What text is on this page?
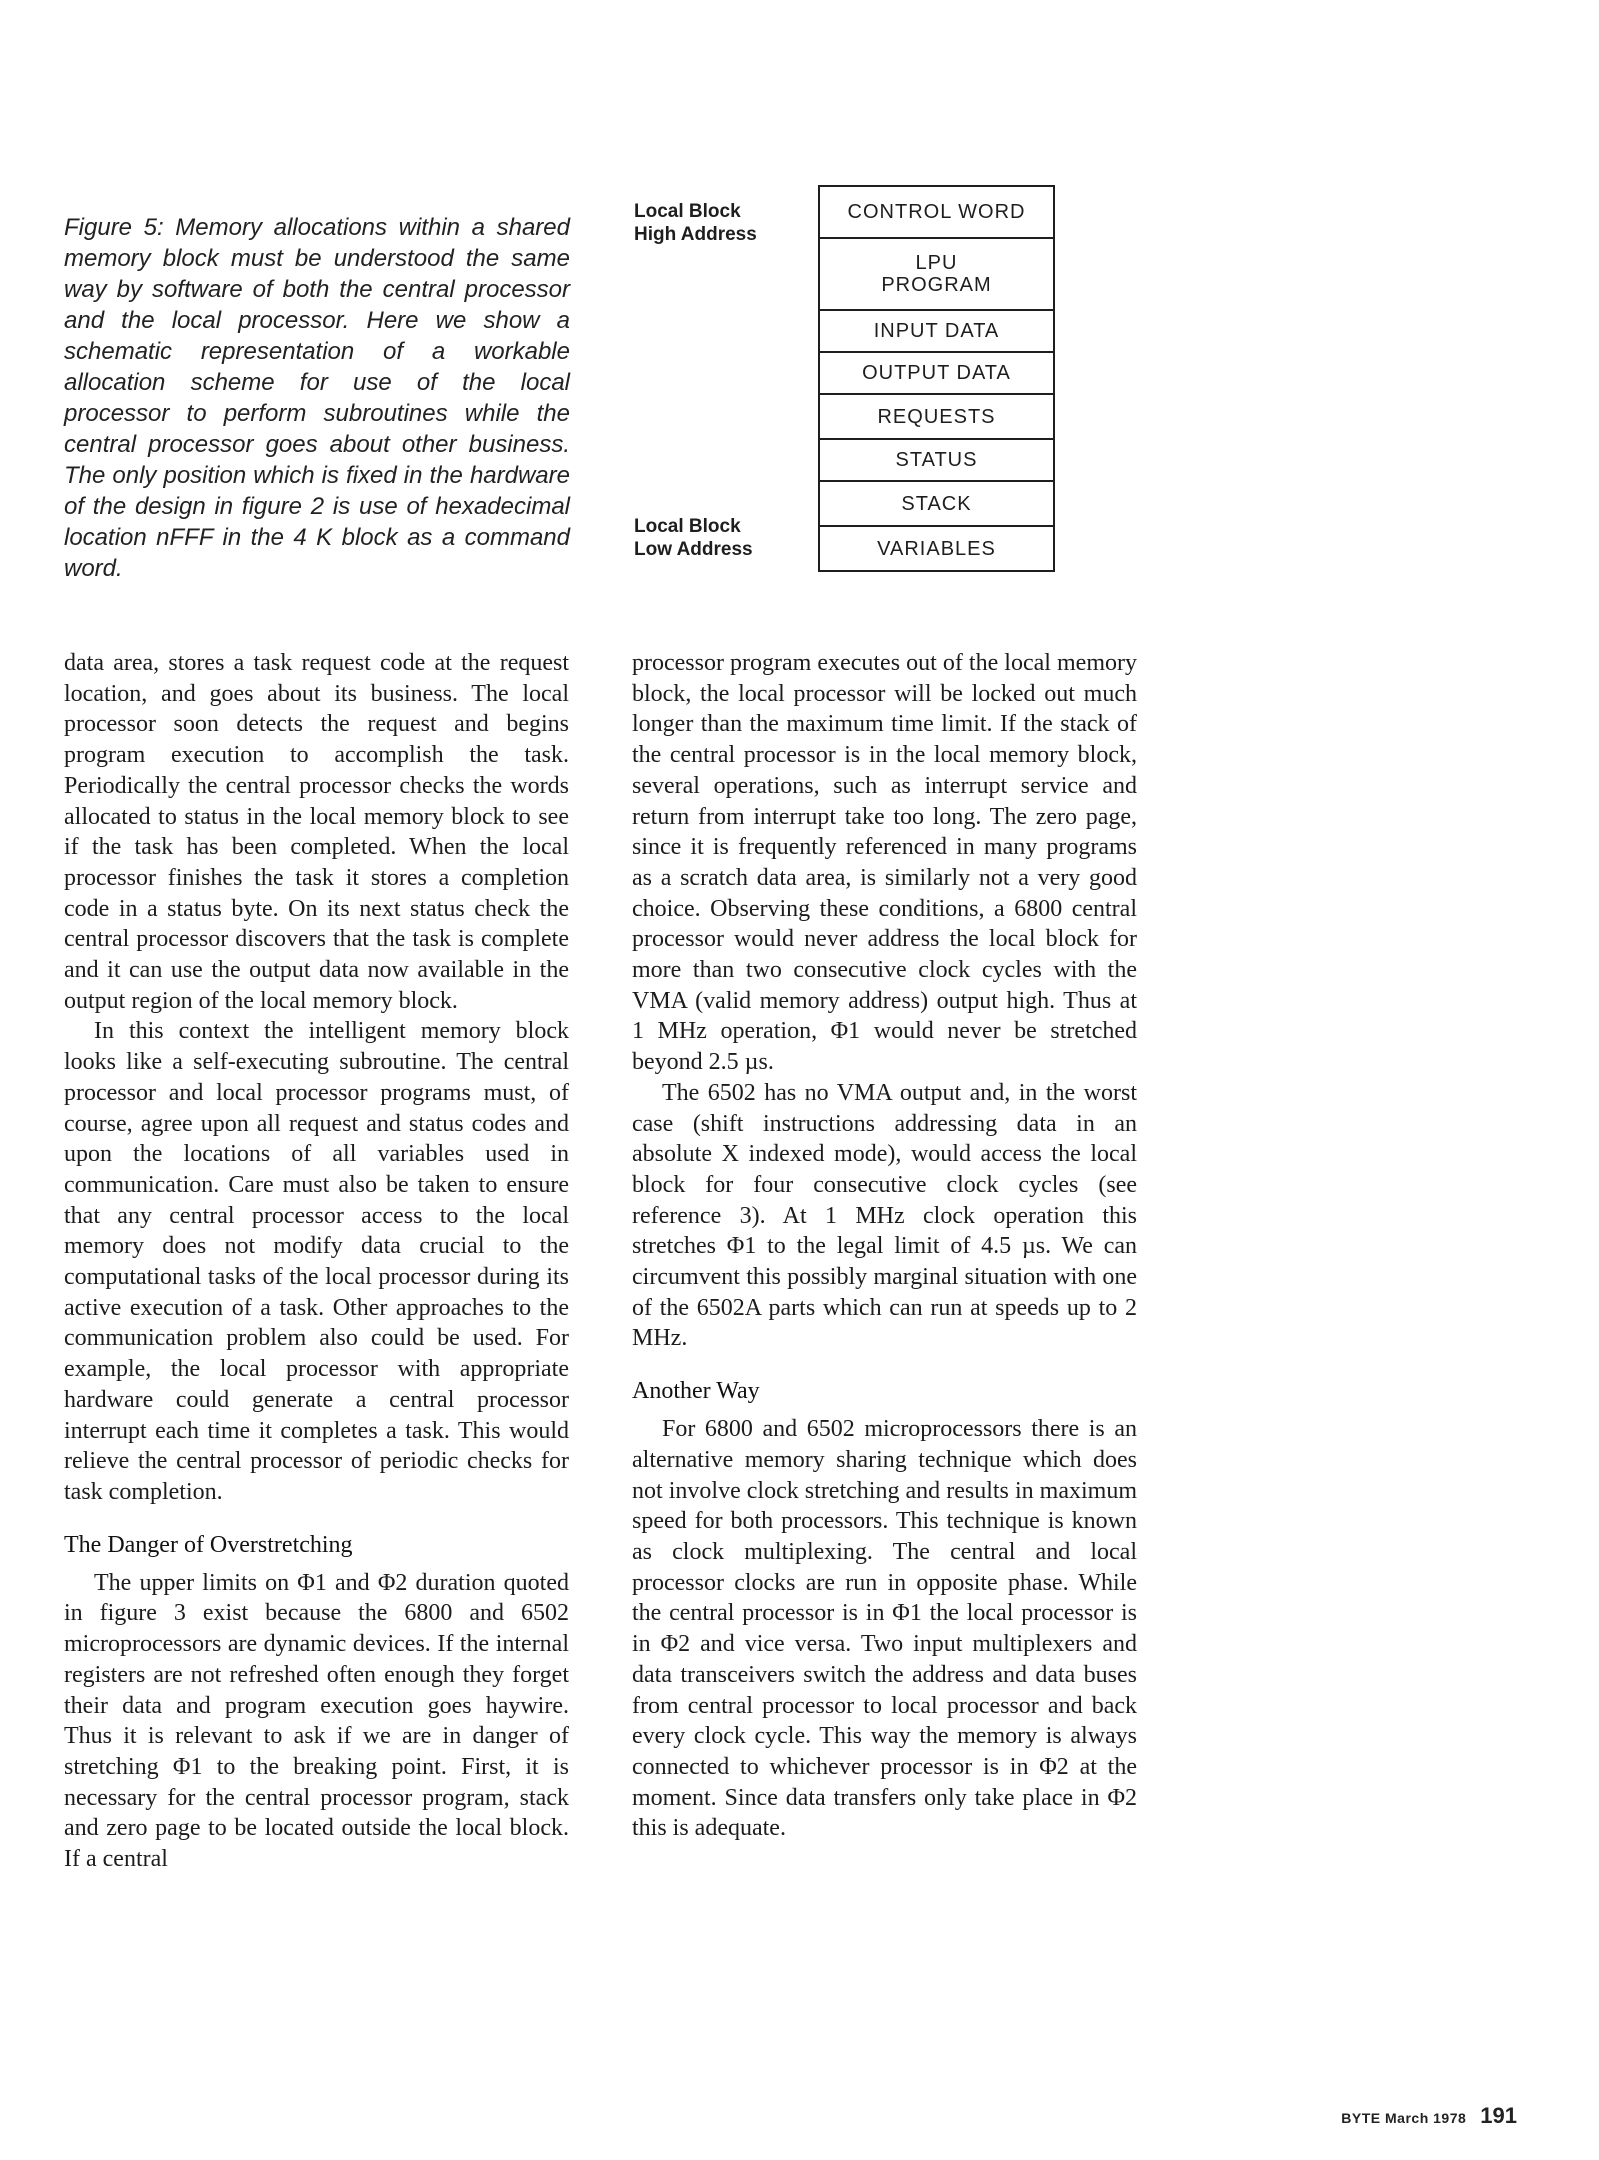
Figure 5: Memory allocations within a shared memory block must be understood the same way by software of both the central processor and the local processor. Here we show a schematic representation of a workable allocation scheme for use of the local processor to perform subroutines while the central processor goes about other business. The only position which is fixed in the hardware of the design in figure 2 is use of hexadecimal location nFFF in the 4 K block as a command word.

Local Block
High Address
Local Block
Low Address
CONTROL WORD
LPU
PROGRAM
INPUT DATA
OUTPUT DATA
REQUESTS
STATUS
STACK
VARIABLES

data area, stores a task request code at the request location, and goes about its business. The local processor soon detects the request and begins program execution to accomplish the task. Periodically the central processor checks the words allocated to status in the local memory block to see if the task has been completed. When the local processor finishes the task it stores a completion code in a status byte. On its next status check the central processor discovers that the task is complete and it can use the output data now available in the output region of the local memory block.

In this context the intelligent memory block looks like a self-executing subroutine. The central processor and local processor programs must, of course, agree upon all request and status codes and upon the locations of all variables used in communication. Care must also be taken to ensure that any central processor access to the local memory does not modify data crucial to the computational tasks of the local processor during its active execution of a task. Other approaches to the communication problem also could be used. For example, the local processor with appropriate hardware could generate a central processor interrupt each time it completes a task. This would relieve the central processor of periodic checks for task completion.

The Danger of Overstretching

The upper limits on Φ1 and Φ2 duration quoted in figure 3 exist because the 6800 and 6502 microprocessors are dynamic devices. If the internal registers are not refreshed often enough they forget their data and program execution goes haywire. Thus it is relevant to ask if we are in danger of stretching Φ1 to the breaking point. First, it is necessary for the central processor program, stack and zero page to be located outside the local block. If a central

processor program executes out of the local memory block, the local processor will be locked out much longer than the maximum time limit. If the stack of the central processor is in the local memory block, several operations, such as interrupt service and return from interrupt take too long. The zero page, since it is frequently referenced in many programs as a scratch data area, is similarly not a very good choice. Observing these conditions, a 6800 central processor would never address the local block for more than two consecutive clock cycles with the VMA (valid memory address) output high. Thus at 1 MHz operation, Φ1 would never be stretched beyond 2.5 µs.

The 6502 has no VMA output and, in the worst case (shift instructions addressing data in an absolute X indexed mode), would access the local block for four consecutive clock cycles (see reference 3). At 1 MHz clock operation this stretches Φ1 to the legal limit of 4.5 µs. We can circumvent this possibly marginal situation with one of the 6502A parts which can run at speeds up to 2 MHz.

Another Way

For 6800 and 6502 microprocessors there is an alternative memory sharing technique which does not involve clock stretching and results in maximum speed for both processors. This technique is known as clock multiplexing. The central and local processor clocks are run in opposite phase. While the central processor is in Φ1 the local processor is in Φ2 and vice versa. Two input multiplexers and data transceivers switch the address and data buses from central processor to local processor and back every clock cycle. This way the memory is always connected to whichever processor is in Φ2 at the moment. Since data transfers only take place in Φ2 this is adequate.

BYTE March 1978 191
